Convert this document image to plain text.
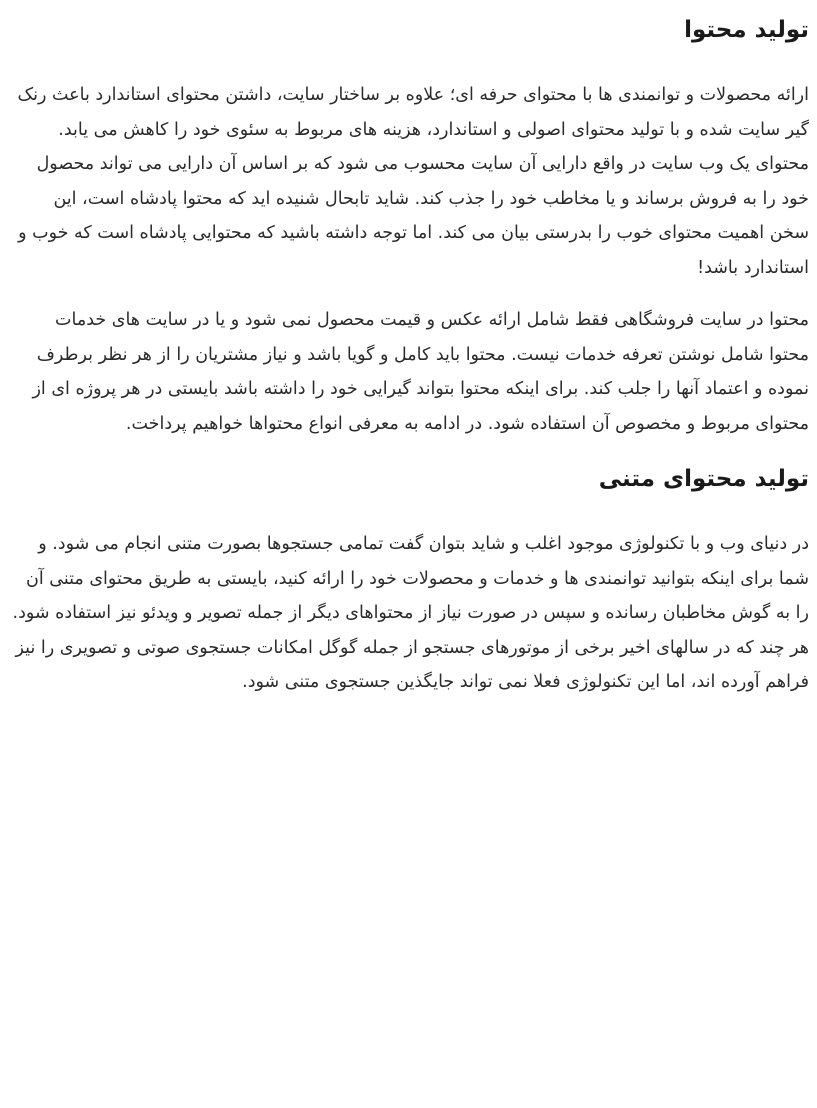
تولید محتوا

ارائه محصولات و توانمندی ها با محتوای حرفه ای؛ علاوه بر ساختار سایت، داشتن محتوای استاندارد باعث رنک گیر سایت شده و با تولید محتوای اصولی و استاندارد، هزینه های مربوط به سئوی خود را کاهش می یابد. محتوای یک وب سایت در واقع دارایی آن سایت محسوب می شود که بر اساس آن دارایی می تواند محصول خود را به فروش برساند و یا مخاطب خود را جذب کند. شاید تابحال شنیده اید که محتوا پادشاه است، این سخن اهمیت محتوای خوب را بدرستی بیان می کند. اما توجه داشته باشید که محتوایی پادشاه است که خوب و استاندارد باشد!

محتوا در سایت فروشگاهی فقط شامل ارائه عکس و قیمت محصول نمی شود و یا در سایت های خدمات محتوا شامل نوشتن تعرفه خدمات نیست. محتوا باید کامل و گویا باشد و نیاز مشتریان را از هر نظر برطرف نموده و اعتماد آنها را جلب کند. برای اینکه محتوا بتواند گیرایی خود را داشته باشد بایستی در هر پروژه ای از محتوای مربوط و مخصوص آن استفاده شود. در ادامه به معرفی انواع محتواها خواهیم پرداخت.

تولید محتوای متنی

در دنیای وب و با تکنولوژی موجود اغلب و شاید بتوان گفت تمامی جستجوها بصورت متنی انجام می شود. و شما برای اینکه بتوانید توانمندی ها و خدمات و محصولات خود را ارائه کنید، بایستی به طریق محتوای متنی آن را به گوش مخاطبان رسانده و سپس در صورت نیاز از محتواهای دیگر از جمله تصویر و ویدئو نیز استفاده شود. هر چند که در سالهای اخیر برخی از موتورهای جستجو از جمله گوگل امکانات جستجوی صوتی و تصویری را نیز فراهم آورده اند، اما این تکنولوژی فعلا نمی تواند جایگذین جستجوی متنی شود.
